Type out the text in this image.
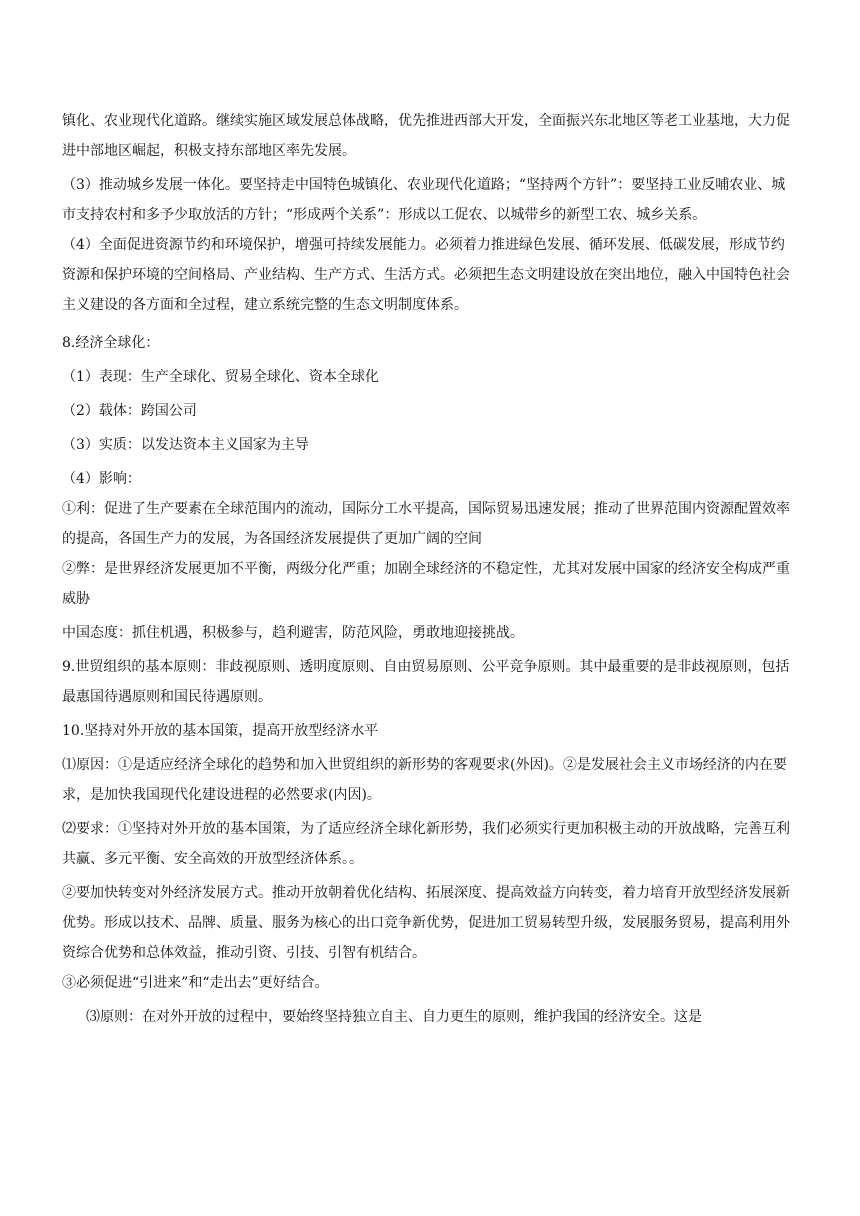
镇化、农业现代化道路。继续实施区域发展总体战略，优先推进西部大开发，全面振兴东北地区等老工业基地，大力促进中部地区崛起，积极支持东部地区率先发展。

（3）推动城乡发展一体化。要坚持走中国特色城镇化、农业现代化道路；“坚持两个方针”：要坚持工业反哺农业、城市支持农村和多予少取放活的方针；“形成两个关系”：形成以工促农、以城带乡的新型工农、城乡关系。

（4）全面促进资源节约和环境保护，增强可持续发展能力。必须着力推进绿色发展、循环发展、低碳发展，形成节约资源和保护环境的空间格局、产业结构、生产方式、生活方式。必须把生态文明建设放在突出地位，融入中国特色社会主义建设的各方面和全过程，建立系统完整的生态文明制度体系。

8.经济全球化：

（1）表现：生产全球化、贸易全球化、资本全球化

（2）载体：跨国公司

（3）实质：以发达资本主义国家为主导

（4）影响：

①利：促进了生产要素在全球范围内的流动，国际分工水平提高，国际贸易迅速发展；推动了世界范围内资源配置效率的提高，各国生产力的发展，为各国经济发展提供了更加广阔的空间

②弊：是世界经济发展更加不平衡，两级分化严重；加剧全球经济的不稳定性，尤其对发展中国家的经济安全构成严重威胁

中国态度：抓住机遇，积极参与，趋利避害，防范风险，勇敢地迎接挑战。

9.世贸组织的基本原则：非歧视原则、透明度原则、自由贸易原则、公平竞争原则。其中最重要的是非歧视原则，包括最惠国待遇原则和国民待遇原则。

10.坚持对外开放的基本国策，提高开放型经济水平

⑴原因：①是适应经济全球化的趋势和加入世贸组织的新形势的客观要求(外因)。②是发展社会主义市场经济的内在要求，是加快我国现代化建设进程的必然要求(内因)。

⑵要求：①坚持对外开放的基本国策，为了适应经济全球化新形势，我们必须实行更加积极主动的开放战略，完善互利共赢、多元平衡、安全高效的开放型经济体系。。

②要加快转变对外经济发展方式。推动开放朝着优化结构、拓展深度、提高效益方向转变，着力培育开放型经济发展新优势。形成以技术、品牌、质量、服务为核心的出口竞争新优势，促进加工贸易转型升级，发展服务贸易，提高利用外资综合优势和总体效益，推动引资、引技、引智有机结合。

③必须促进“引进来”和“走出去”更好结合。

⑶原则：在对外开放的过程中，要始终坚持独立自主、自力更生的原则，维护我国的经济安全。这是
